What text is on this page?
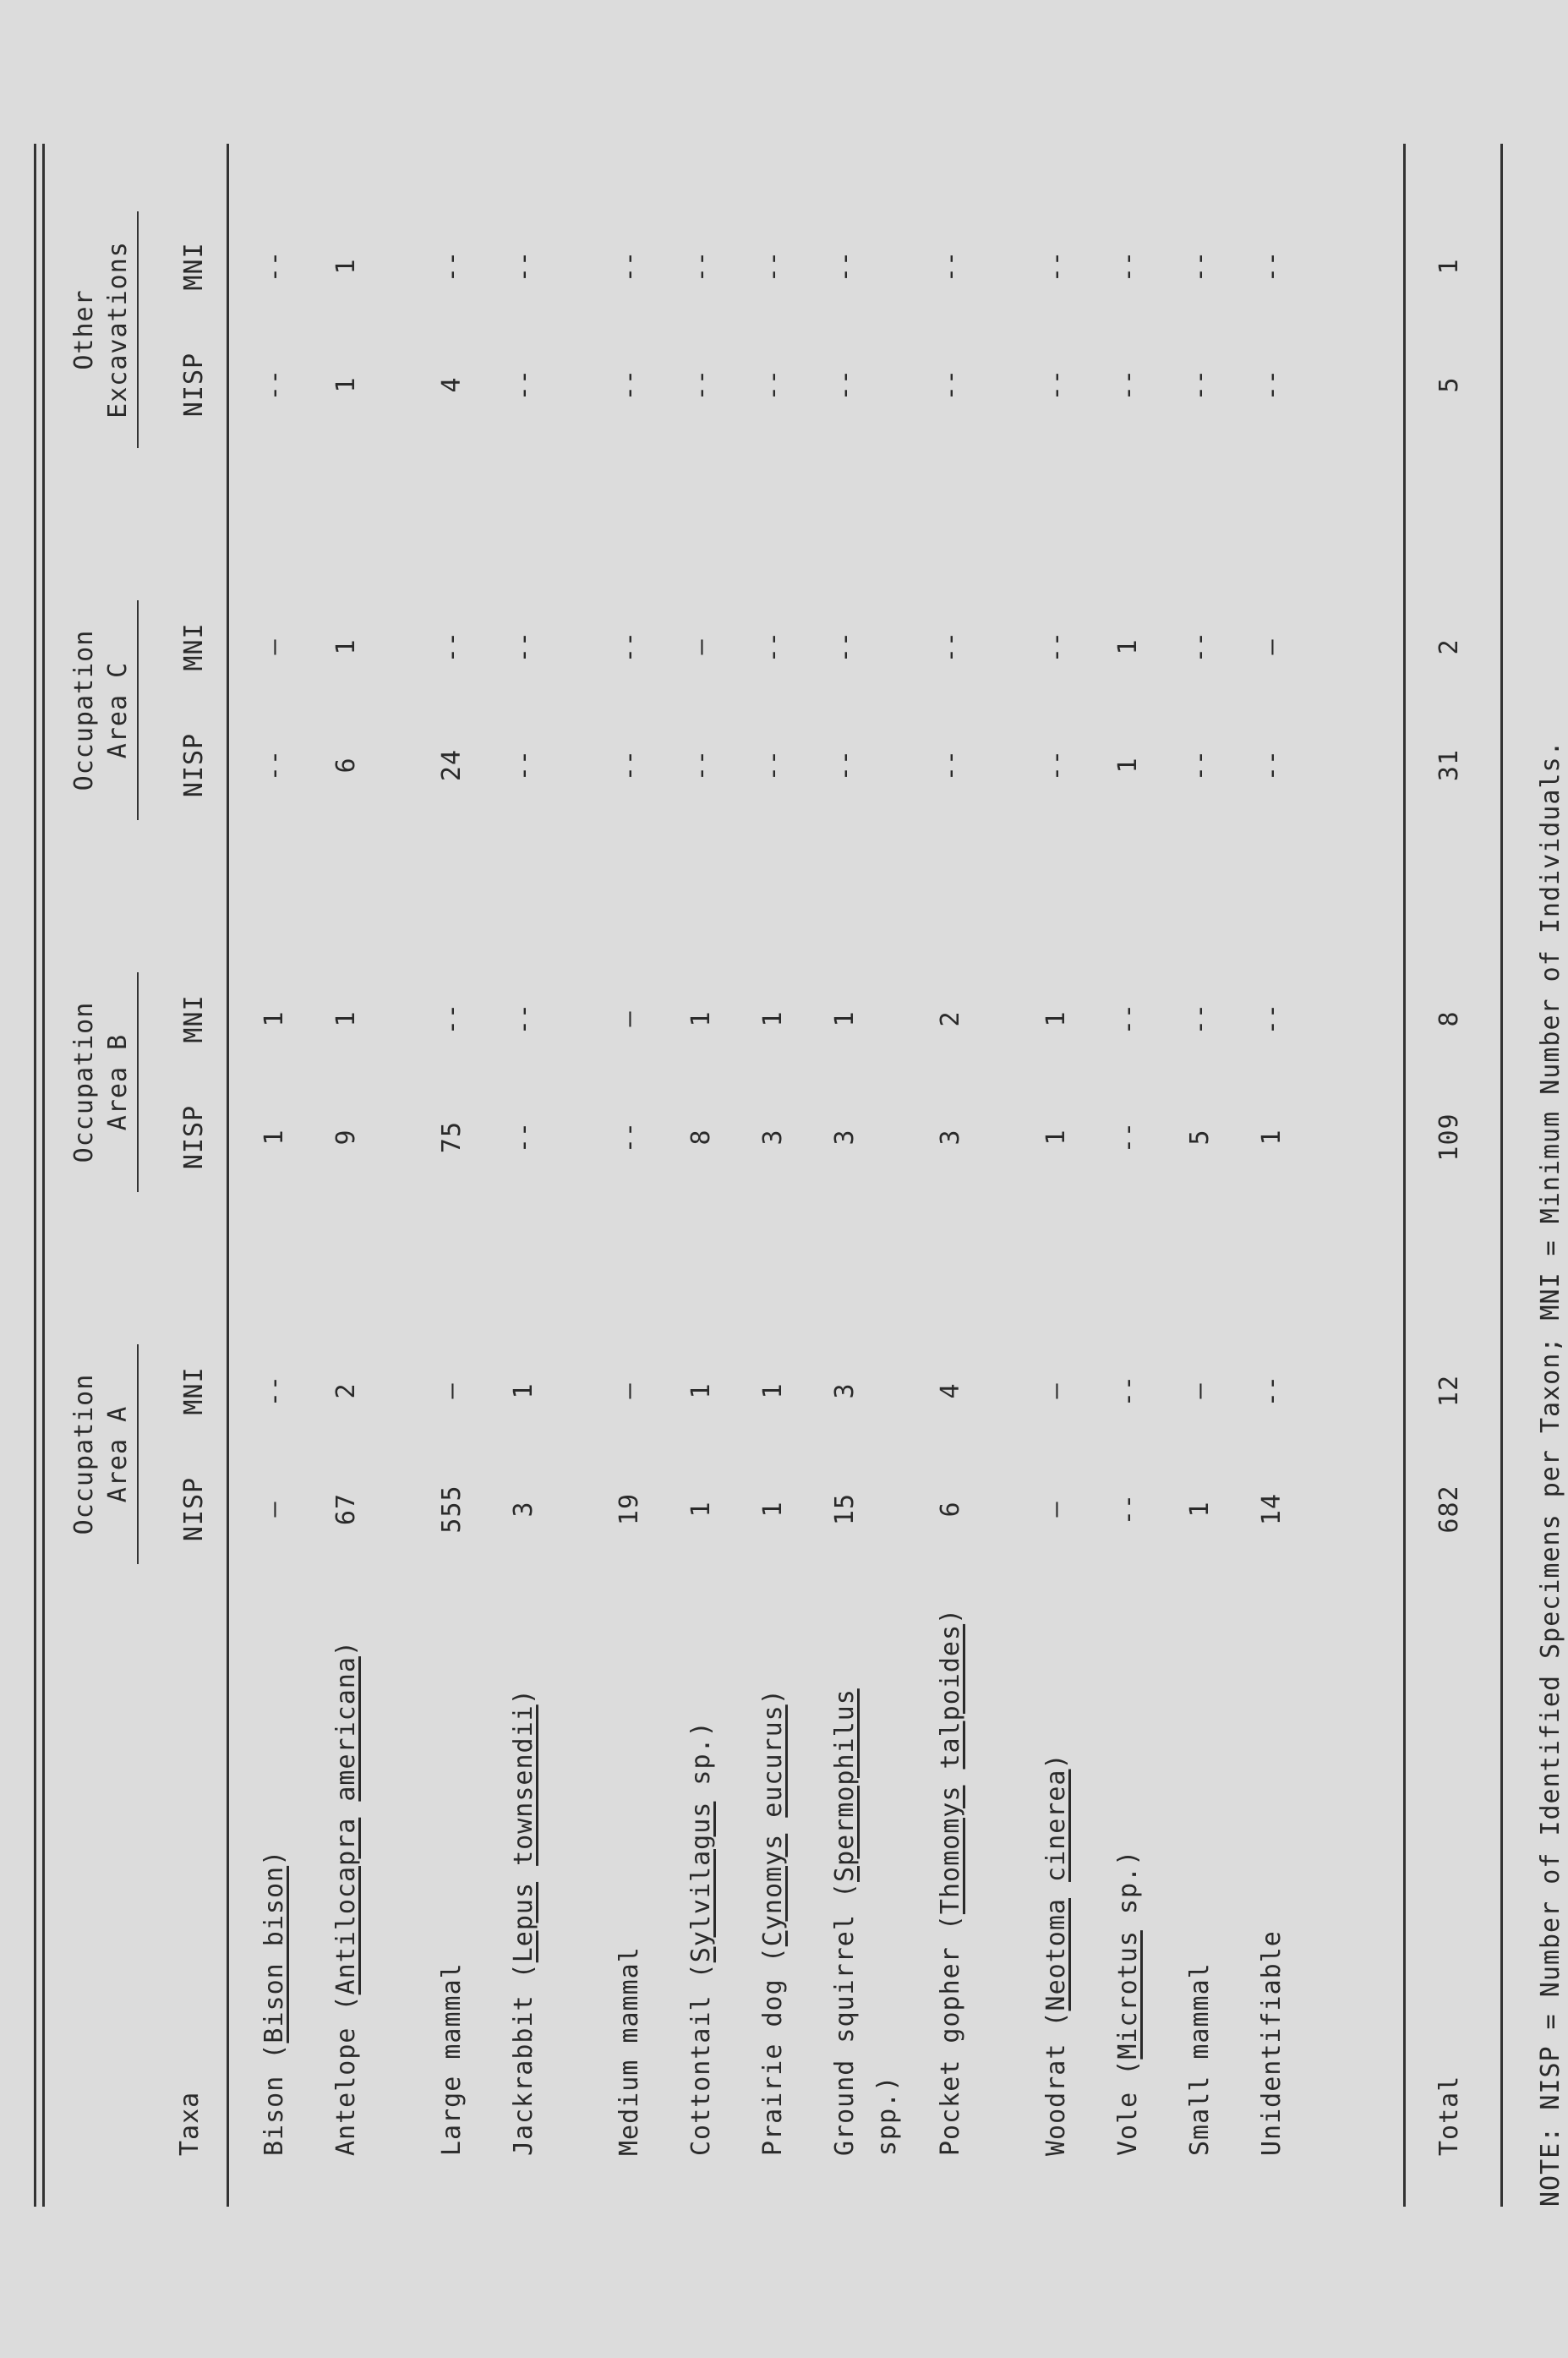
Taxa
Occupation Area A
Occupation Area B
Occupation Area C
Other Excavations
NISP
MNI
NISP
MNI
NISP
MNI
NISP
MNI
Bison (Bison bison)
—
--
1
1
--
—
--
--
Antelope (Antilocapra americana)
67
2
9
1
6
1
1
1
Large mammal
555
—
75
--
24
--
4
--
Jackrabbit (Lepus townsendii)
3
1
--
--
--
--
--
--
Medium mammal
19
—
--
—
--
--
--
--
Cottontail (Sylvilagus sp.)
1
1
8
1
--
—
--
--
Prairie dog (Cynomys eucurus)
1
1
3
1
--
--
--
--
Ground squirrel (Spermophilus spp.)
15
3
3
1
--
--
--
--
Pocket gopher (Thomomys talpoides)
6
4
3
2
--
--
--
--
Woodrat (Neotoma cinerea)
—
—
1
1
--
--
--
--
Vole (Microtus sp.)
--
--
--
--
1
1
--
--
Small mammal
1
—
5
--
--
--
--
--
Unidentifiable
14
--
1
--
--
—
--
--
Total
682
12
109
8
31
2
5
1
NOTE: NISP = Number of Identified Specimens per Taxon; MNI = Minimum Number of Individuals.
